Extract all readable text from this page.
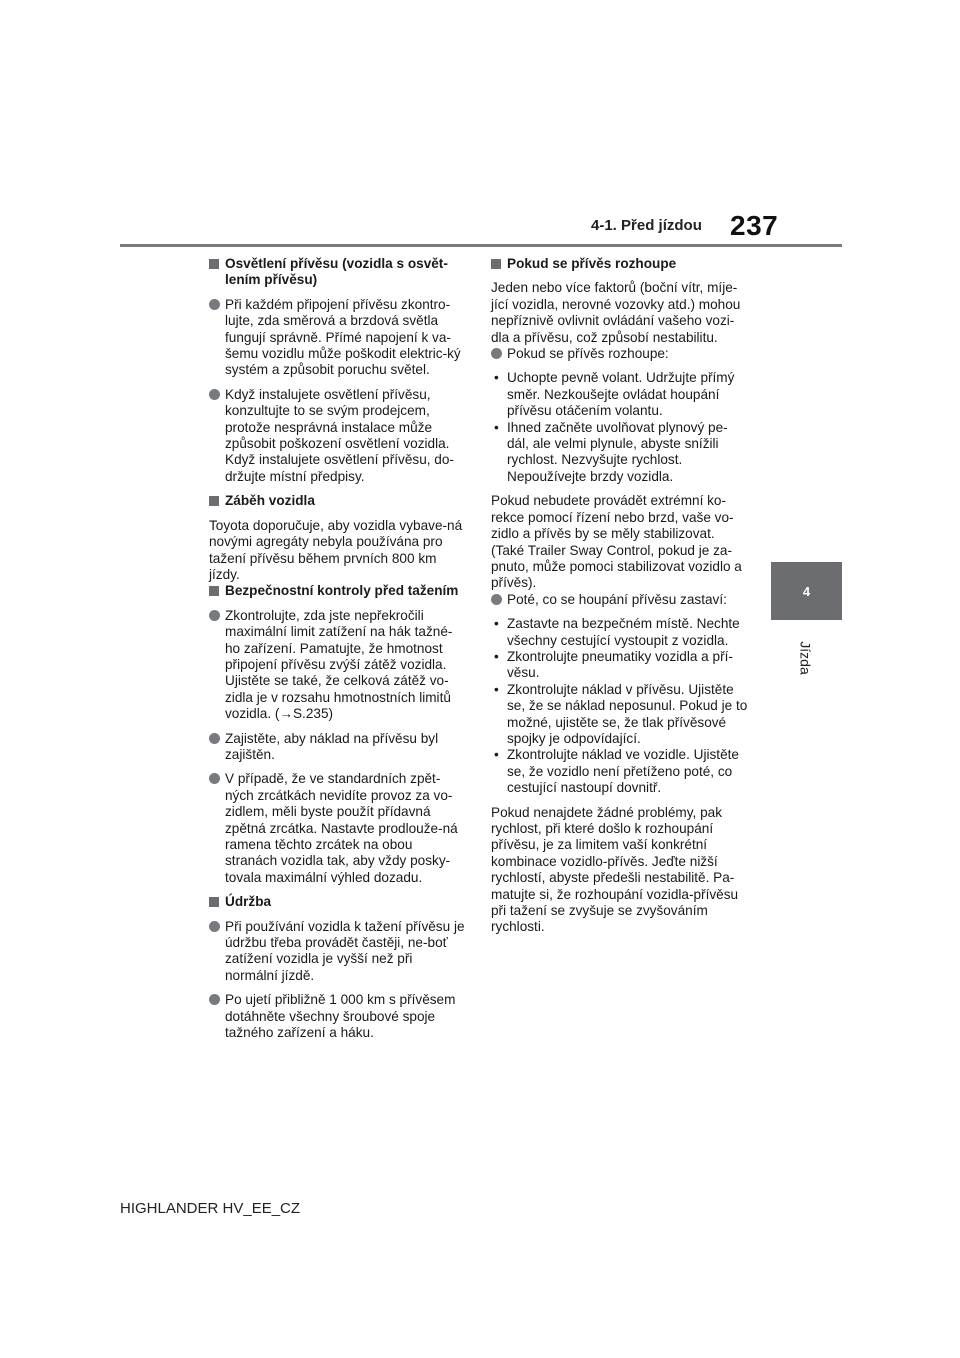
4-1. Před jízdou 237
4
Jízda
Osvětlení přívěsu (vozidla s osvět-lením přívěsu)
Při každém připojení přívěsu zkontro-lujte, zda směrová a brzdová světla fungují správně. Přímé napojení k va-šemu vozidlu může poškodit elektric-ký systém a způsobit poruchu světel.
Když instalujete osvětlení přívěsu, konzultujte to se svým prodejcem, protože nesprávná instalace může způsobit poškození osvětlení vozidla. Když instalujete osvětlení přívěsu, do-držujte místní předpisy.
Záběh vozidla
Toyota doporučuje, aby vozidla vybave-ná novými agregáty nebyla používána pro tažení přívěsu během prvních 800 km jízdy.
Bezpečnostní kontroly před tažením
Zkontrolujte, zda jste nepřekročili maximální limit zatížení na hák tažné-ho zařízení. Pamatujte, že hmotnost připojení přívěsu zvýší zátěž vozidla. Ujistěte se také, že celková zátěž vo-zidla je v rozsahu hmotnostních limitů vozidla. (→S.235)
Zajistěte, aby náklad na přívěsu byl zajištěn.
V případě, že ve standardních zpět-ných zrcátkách nevidíte provoz za vo-zidlem, měli byste použít přídavná zpětná zrcátka. Nastavte prodlouže-ná ramena těchto zrcátek na obou stranách vozidla tak, aby vždy posky-tovala maximální výhled dozadu.
Údržba
Při používání vozidla k tažení přívěsu je údržbu třeba provádět častěji, ne-boť zatížení vozidla je vyšší než při normální jízdě.
Po ujetí přibližně 1 000 km s přívěsem dotáhněte všechny šroubové spoje tažného zařízení a háku.
Pokud se přívěs rozhoupe
Jeden nebo více faktorů (boční vítr, míje-jící vozidla, nerovné vozovky atd.) mohou nepříznivě ovlivnit ovládání vašeho vozi-dla a přívěsu, což způsobí nestabilitu.
Pokud se přívěs rozhoupe:
• Uchopte pevně volant. Udržujte přímý směr. Nezkoušejte ovládat houpání přívěsu otáčením volantu.
• Ihned začněte uvolňovat plynový pe-dál, ale velmi plynule, abyste snížili rychlost. Nezvyšujte rychlost. Nepoužívejte brzdy vozidla.
Pokud nebudete provádět extrémní ko-rekce pomocí řízení nebo brzd, vaše vo-zidlo a přívěs by se měly stabilizovat. (Také Trailer Sway Control, pokud je za-pnuto, může pomoci stabilizovat vozidlo a přívěs).
Poté, co se houpání přívěsu zastaví:
• Zastavte na bezpečném místě. Nechte všechny cestující vystoupit z vozidla.
• Zkontrolujte pneumatiky vozidla a pří-věsu.
• Zkontrolujte náklad v přívěsu. Ujistěte se, že se náklad neposunul. Pokud je to možné, ujistěte se, že tlak přívěsové spojky je odpovídající.
• Zkontrolujte náklad ve vozidle. Ujistěte se, že vozidlo není přetíženo poté, co cestující nastoupí dovnitř.
Pokud nenajdete žádné problémy, pak rychlost, při které došlo k rozhoupání přívěsu, je za limitem vaší konkrétní kombinace vozidlo-přívěs. Jeďte nižší rychlostí, abyste předešli nestabilitě. Pa-matujte si, že rozhoupání vozidla-přívěsu při tažení se zvyšuje se zvyšováním rychlosti.
HIGHLANDER HV_EE_CZ
